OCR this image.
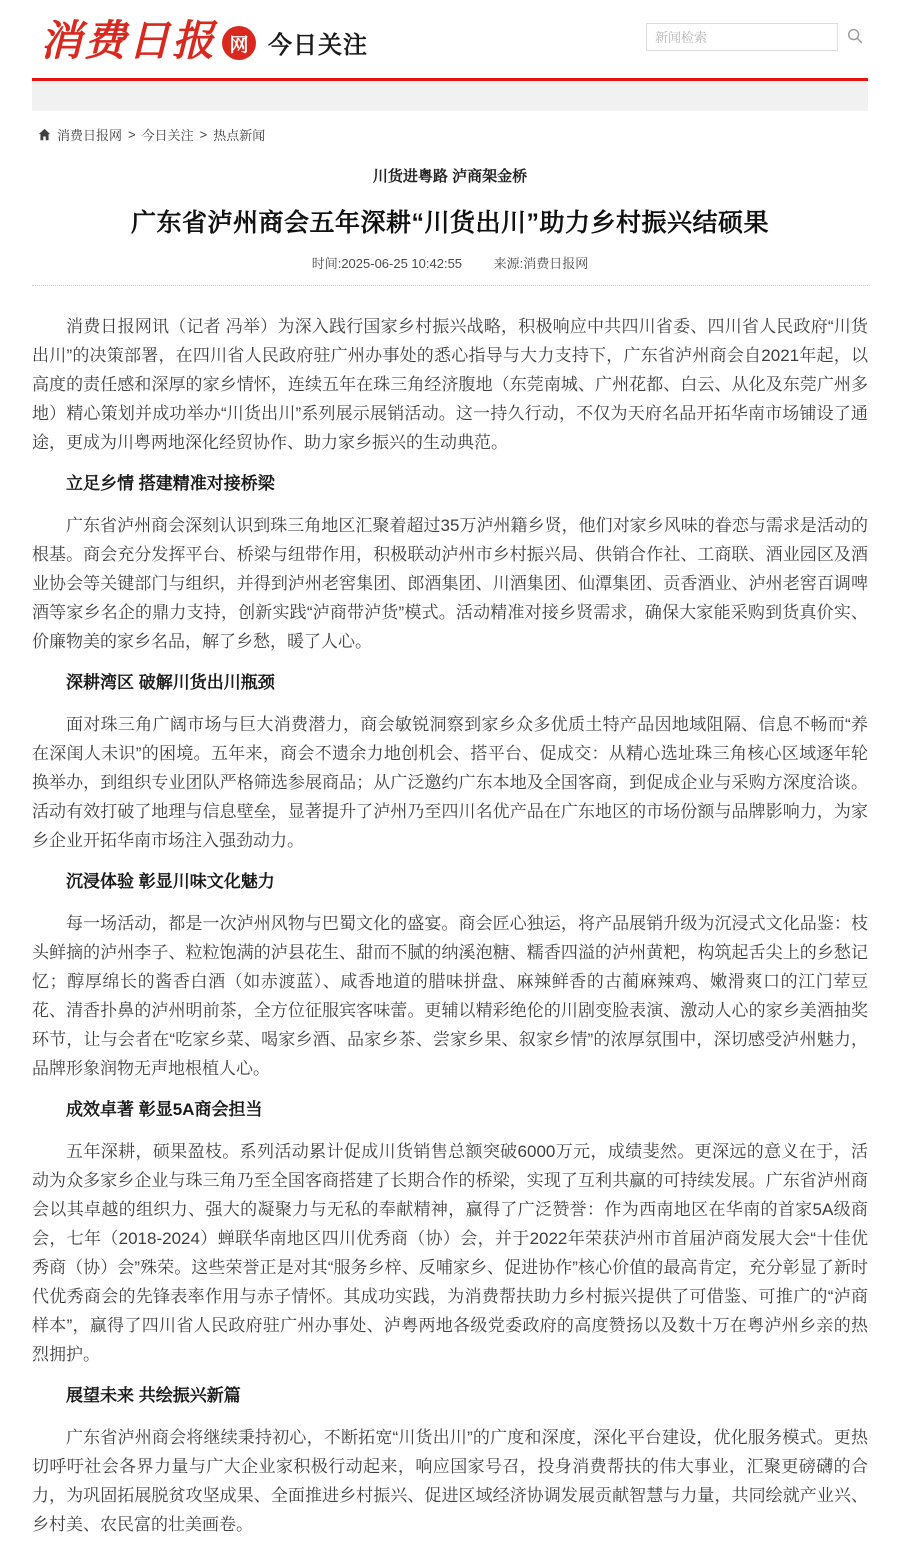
消费日报 网 今日关注
新闻检索
消费日报网 > 今日关注 > 热点新闻
川货进粤路 泸商架金桥
广东省泸州商会五年深耕“川货出川”助力乡村振兴结硕果
时间:2025-06-25 10:42:55 来源:消费日报网

消费日报网讯（记者 冯举）为深入践行国家乡村振兴战略，积极响应中共四川省委、四川省人民政府“川货出川”的决策部署，在四川省人民政府驻广州办事处的悉心指导与大力支持下，广东省泸州商会自2021年起，以高度的责任感和深厚的家乡情怀，连续五年在珠三角经济腹地（东莞南城、广州花都、白云、从化及东莞广州多地）精心策划并成功举办“川货出川”系列展示展销活动。这一持久行动，不仅为天府名品开拓华南市场铺设了通途，更成为川粤两地深化经贸协作、助力家乡振兴的生动典范。

立足乡情 搭建精准对接桥梁

广东省泸州商会深刻认识到珠三角地区汇聚着超过35万泸州籍乡贤，他们对家乡风味的眷恋与需求是活动的根基。商会充分发挥平台、桥梁与纽带作用，积极联动泸州市乡村振兴局、供销合作社、工商联、酒业园区及酒业协会等关键部门与组织，并得到泸州老窖集团、郎酒集团、川酒集团、仙潭集团、贡香酒业、泸州老窖百调啤酒等家乡名企的鼎力支持，创新实践“泸商带泸货”模式。活动精准对接乡贤需求，确保大家能采购到货真价实、价廉物美的家乡名品，解了乡愁，暖了人心。

深耕湾区 破解川货出川瓶颈

面对珠三角广阔市场与巨大消费潜力，商会敏锐洞察到家乡众多优质土特产品因地域阻隔、信息不畅而“养在深闺人未识”的困境。五年来，商会不遗余力地创机会、搭平台、促成交：从精心选址珠三角核心区域逐年轮换举办，到组织专业团队严格筛选参展商品；从广泛邀约广东本地及全国客商，到促成企业与采购方深度洽谈。活动有效打破了地理与信息壁垒，显著提升了泸州乃至四川名优产品在广东地区的市场份额与品牌影响力，为家乡企业开拓华南市场注入强劲动力。

沉浸体验 彰显川味文化魅力

每一场活动，都是一次泸州风物与巴蜀文化的盛宴。商会匠心独运，将产品展销升级为沉浸式文化品鉴：枝头鲜摘的泸州李子、粒粒饱满的泸县花生、甜而不腻的纳溪泡糖、糯香四溢的泸州黄粑，构筑起舌尖上的乡愁记忆；醇厚绵长的酱香白酒（如赤渡蓝）、咸香地道的腊味拼盘、麻辣鲜香的古蔺麻辣鸡、嫩滑爽口的江门荤豆花、清香扑鼻的泸州明前茶，全方位征服宾客味蕾。更辅以精彩绝伦的川剧变脸表演、激动人心的家乡美酒抽奖环节，让与会者在“吃家乡菜、喝家乡酒、品家乡茶、尝家乡果、叙家乡情”的浓厚氛围中，深切感受泸州魅力，品牌形象润物无声地根植人心。

成效卓著 彰显5A商会担当

五年深耕，硕果盈枝。系列活动累计促成川货销售总额突破6000万元，成绩斐然。更深远的意义在于，活动为众多家乡企业与珠三角乃至全国客商搭建了长期合作的桥梁，实现了互利共赢的可持续发展。广东省泸州商会以其卓越的组织力、强大的凝聚力与无私的奉献精神，赢得了广泛赞誉：作为西南地区在华南的首家5A级商会，七年（2018-2024）蝉联华南地区四川优秀商（协）会，并于2022年荣获泸州市首届泸商发展大会“十佳优秀商（协）会”殊荣。这些荣誉正是对其“服务乡梓、反哺家乡、促进协作”核心价值的最高肯定，充分彰显了新时代优秀商会的先锋表率作用与赤子情怀。其成功实践，为消费帮扶助力乡村振兴提供了可借鉴、可推广的“泸商样本”，赢得了四川省人民政府驻广州办事处、泸粤两地各级党委政府的高度赞扬以及数十万在粤泸州乡亲的热烈拥护。

展望未来 共绘振兴新篇

广东省泸州商会将继续秉持初心，不断拓宽“川货出川”的广度和深度，深化平台建设，优化服务模式。更热切呼吁社会各界力量与广大企业家积极行动起来，响应国家号召，投身消费帮扶的伟大事业，汇聚更磅礴的合力，为巩固拓展脱贫攻坚成果、全面推进乡村振兴、促进区域经济协调发展贡献智慧与力量，共同绘就产业兴、乡村美、农民富的壮美画卷。
